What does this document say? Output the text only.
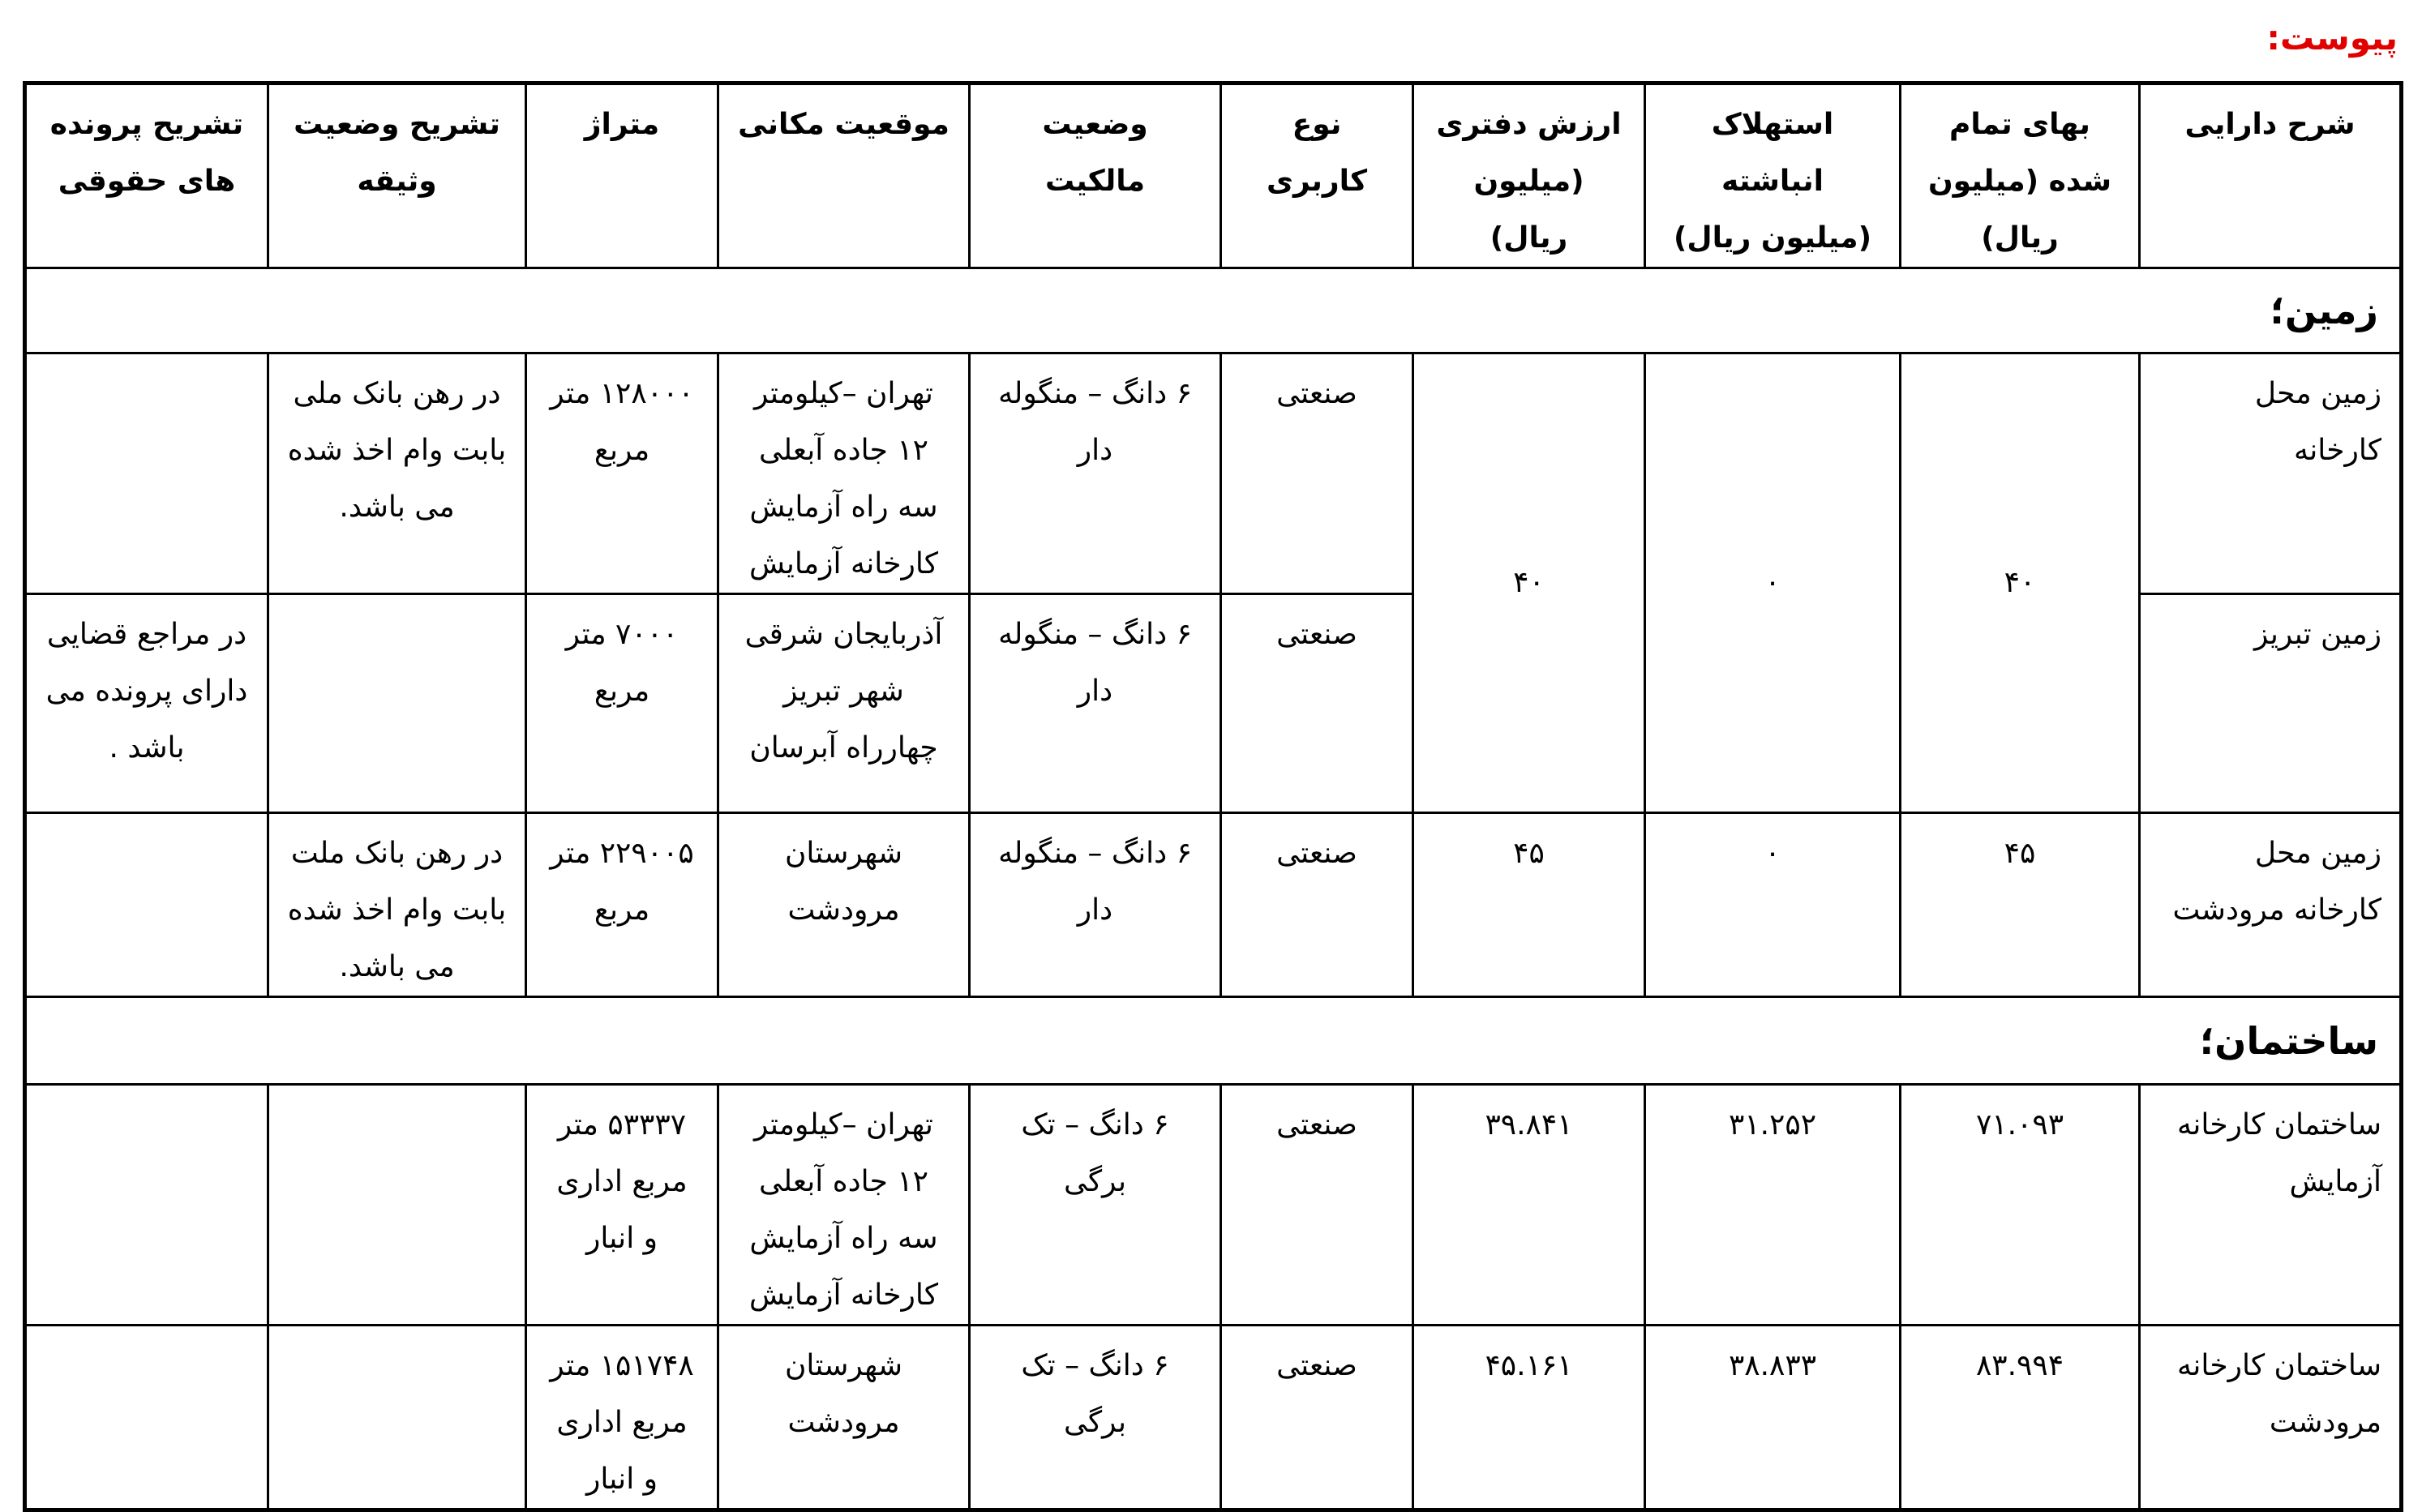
پیوست:
شرح دارایی	بهای تمام شده (میلیون ریال)	استهلاک انباشته (میلیون ریال)	ارزش دفتری (میلیون ریال)	نوع کاربری	وضعیت مالکیت	موقعیت مکانی	متراژ	تشریح وضعیت وثیقه	تشریح پرونده های حقوقی
زمین؛									
زمین محل کارخانه	۴۰	۰	۴۰	صنعتی	۶ دانگ – منگوله دار	تهران –کیلومتر ۱۲ جاده آبعلی سه راه آزمایش کارخانه آزمایش	۱۲۸۰۰۰ متر مربع	در رهن بانک ملی بابت وام اخذ شده می باشد.	
زمین تبریز				صنعتی	۶ دانگ – منگوله دار	آذربایجان شرقی شهر تبریز چهارراه آبرسان	۷۰۰۰ متر مربع		در مراجع قضایی دارای پرونده می باشد .
زمین محل کارخانه مرودشت	۴۵	۰	۴۵	صنعتی	۶ دانگ – منگوله دار	شهرستان مرودشت	۲۲۹۰۰۵ متر مربع	در رهن بانک ملت بابت وام اخذ شده می باشد.	
ساختمان؛									
ساختمان کارخانه آزمایش	۷۱.۰۹۳	۳۱.۲۵۲	۳۹.۸۴۱	صنعتی	۶ دانگ – تک برگی	تهران –کیلومتر ۱۲ جاده آبعلی سه راه آزمایش کارخانه آزمایش	۵۳۳۳۷ متر مربع اداری و انبار		
ساختمان کارخانه مرودشت	۸۳.۹۹۴	۳۸.۸۳۳	۴۵.۱۶۱	صنعتی	۶ دانگ – تک برگی	شهرستان مرودشت	۱۵۱۷۴۸ متر مربع اداری و انبار		
